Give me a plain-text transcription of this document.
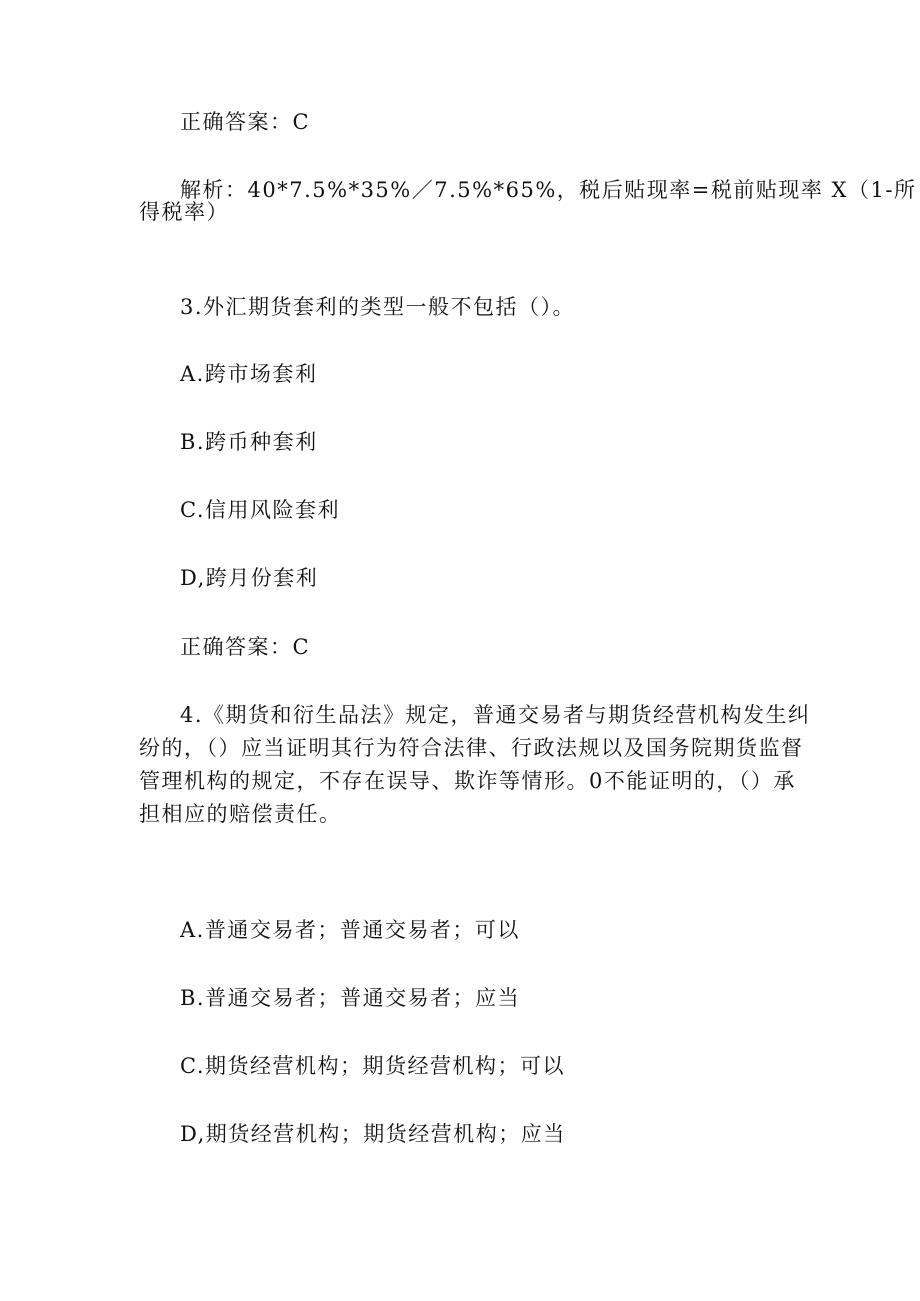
正确答案：C
解析：40*7.5%*35%／7.5%*65%，税后贴现率=税前贴现率 X（1-所
得税率）
3.外汇期货套利的类型一般不包括（）。
A.跨市场套利
B.跨币种套利
C.信用风险套利
D,跨月份套利
正确答案：C
4.《期货和衍生品法》规定，普通交易者与期货经营机构发生纠
纷的，（）应当证明其行为符合法律、行政法规以及国务院期货监督
管理机构的规定，不存在误导、欺诈等情形。0不能证明的，（）承
担相应的赔偿责任。
A.普通交易者；普通交易者；可以
B.普通交易者；普通交易者；应当
C.期货经营机构；期货经营机构；可以
D,期货经营机构；期货经营机构；应当
